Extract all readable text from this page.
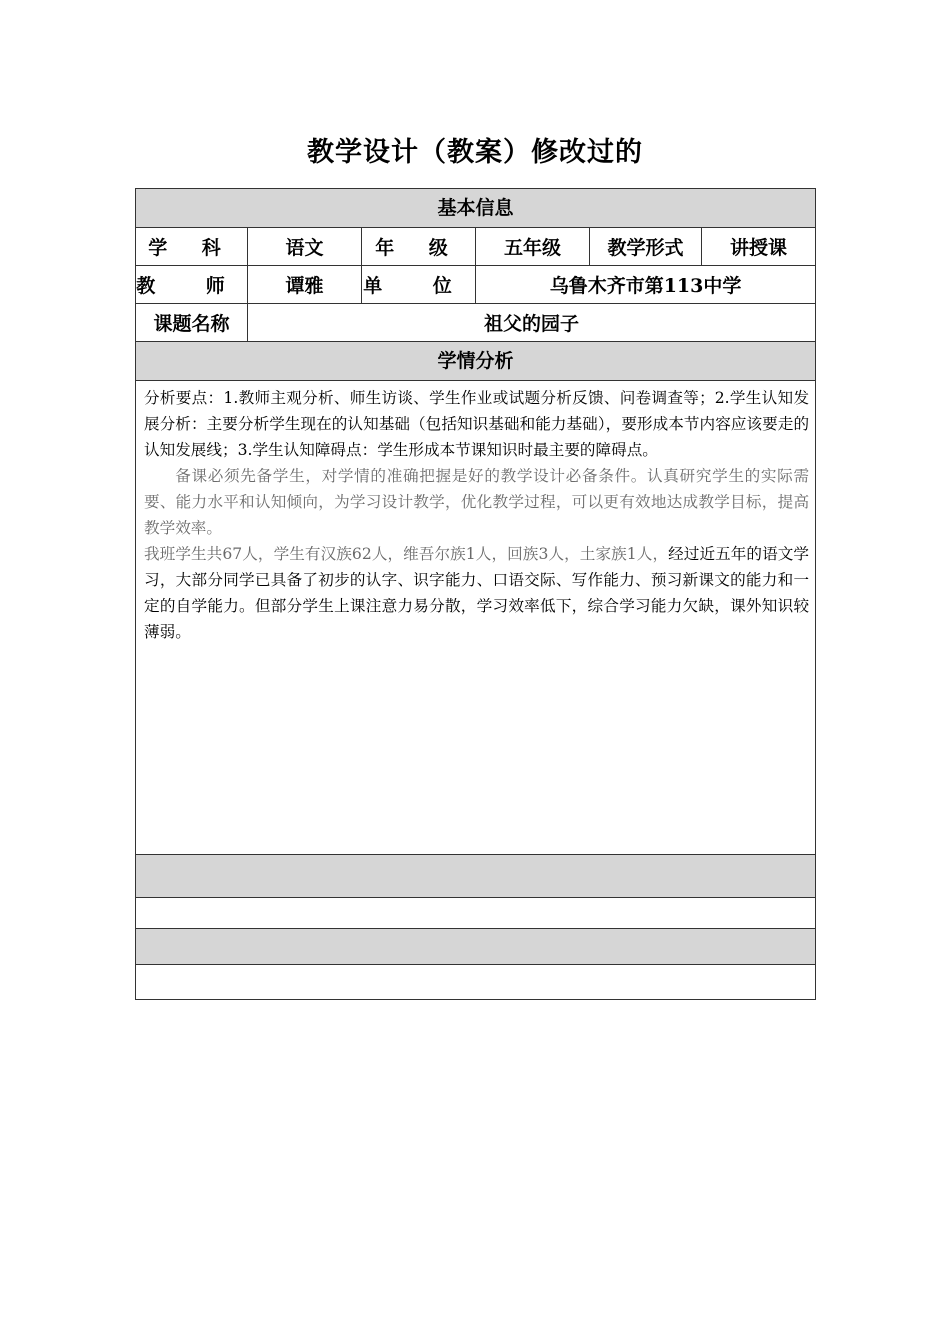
教学设计（教案）修改过的
基本信息					
学 科	语文	年 级	五年级	教学形式	讲授课
教 师	谭雅	单 位	乌鲁木齐市第113中学		
课题名称	祖父的园子				
学情分析					

分析要点：1.教师主观分析、师生访谈、学生作业或试题分析反馈、问卷调查等；2.学生认知发展分析：主要分析学生现在的认知基础（包括知识基础和能力基础），要形成本节内容应该要走的认知发展线；3.学生认知障碍点：学生形成本节课知识时最主要的障碍点。

备课必须先备学生，对学情的准确把握是好的教学设计必备条件。认真研究学生的实际需要、能力水平和认知倾向，为学习设计教学，优化教学过程，可以更有效地达成教学目标，提高教学效率。

我班学生共67人，学生有汉族62人，维吾尔族1人，回族3人，土家族1人，经过近五年的语文学习，大部分同学已具备了初步的认字、识字能力、口语交际、写作能力、预习新课文的能力和一定的自学能力。但部分学生上课注意力易分散，学习效率低下，综合学习能力欠缺，课外知识较薄弱。					
